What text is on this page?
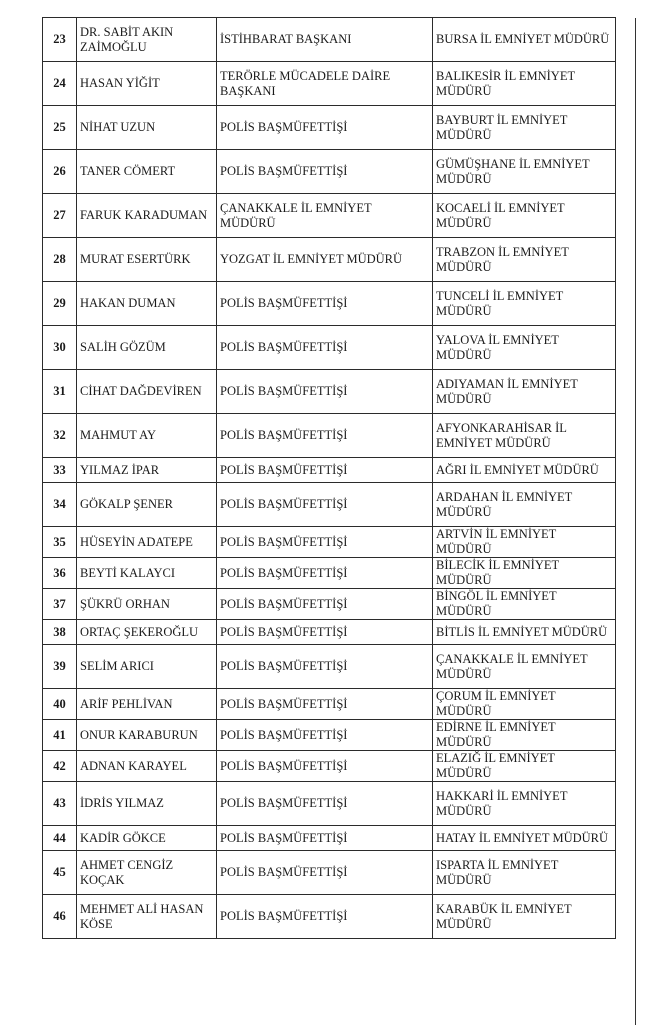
23	DR. SABİT AKIN ZAİMOĞLU	İSTİHBARAT BAŞKANI	BURSA İL EMNİYET MÜDÜRÜ
24	HASAN YİĞİT	TERÖRLE MÜCADELE DAİRE BAŞKANI	BALIKESİR İL EMNİYET MÜDÜRÜ
25	NİHAT UZUN	POLİS BAŞMÜFETTİŞİ	BAYBURT İL EMNİYET MÜDÜRÜ
26	TANER CÖMERT	POLİS BAŞMÜFETTİŞİ	GÜMÜŞHANE İL EMNİYET MÜDÜRÜ
27	FARUK KARADUMAN	ÇANAKKALE İL EMNİYET MÜDÜRÜ	KOCAELİ İL EMNİYET MÜDÜRÜ
28	MURAT ESERTÜRK	YOZGAT İL EMNİYET MÜDÜRÜ	TRABZON İL EMNİYET MÜDÜRÜ
29	HAKAN DUMAN	POLİS BAŞMÜFETTİŞİ	TUNCELİ İL EMNİYET MÜDÜRÜ
30	SALİH GÖZÜM	POLİS BAŞMÜFETTİŞİ	YALOVA İL EMNİYET MÜDÜRÜ
31	CİHAT DAĞDEVİREN	POLİS BAŞMÜFETTİŞİ	ADIYAMAN İL EMNİYET MÜDÜRÜ
32	MAHMUT AY	POLİS BAŞMÜFETTİŞİ	AFYONKARAHİSAR İL EMNİYET MÜDÜRÜ
33	YILMAZ İPAR	POLİS BAŞMÜFETTİŞİ	AĞRI İL EMNİYET MÜDÜRÜ
34	GÖKALP ŞENER	POLİS BAŞMÜFETTİŞİ	ARDAHAN İL EMNİYET MÜDÜRÜ
35	HÜSEYİN ADATEPE	POLİS BAŞMÜFETTİŞİ	ARTVİN İL EMNİYET MÜDÜRÜ
36	BEYTİ KALAYCI	POLİS BAŞMÜFETTİŞİ	BİLECİK İL EMNİYET MÜDÜRÜ
37	ŞÜKRÜ ORHAN	POLİS BAŞMÜFETTİŞİ	BİNGÖL İL EMNİYET MÜDÜRÜ
38	ORTAÇ ŞEKEROĞLU	POLİS BAŞMÜFETTİŞİ	BİTLİS İL EMNİYET MÜDÜRÜ
39	SELİM ARICI	POLİS BAŞMÜFETTİŞİ	ÇANAKKALE İL EMNİYET MÜDÜRÜ
40	ARİF PEHLİVAN	POLİS BAŞMÜFETTİŞİ	ÇORUM İL EMNİYET MÜDÜRÜ
41	ONUR KARABURUN	POLİS BAŞMÜFETTİŞİ	EDİRNE İL EMNİYET MÜDÜRÜ
42	ADNAN KARAYEL	POLİS BAŞMÜFETTİŞİ	ELAZIĞ İL EMNİYET MÜDÜRÜ
43	İDRİS YILMAZ	POLİS BAŞMÜFETTİŞİ	HAKKARİ İL EMNİYET MÜDÜRÜ
44	KADİR GÖKCE	POLİS BAŞMÜFETTİŞİ	HATAY İL EMNİYET MÜDÜRÜ
45	AHMET CENGİZ KOÇAK	POLİS BAŞMÜFETTİŞİ	ISPARTA İL EMNİYET MÜDÜRÜ
46	MEHMET ALİ HASAN KÖSE	POLİS BAŞMÜFETTİŞİ	KARABÜK İL EMNİYET MÜDÜRÜ
